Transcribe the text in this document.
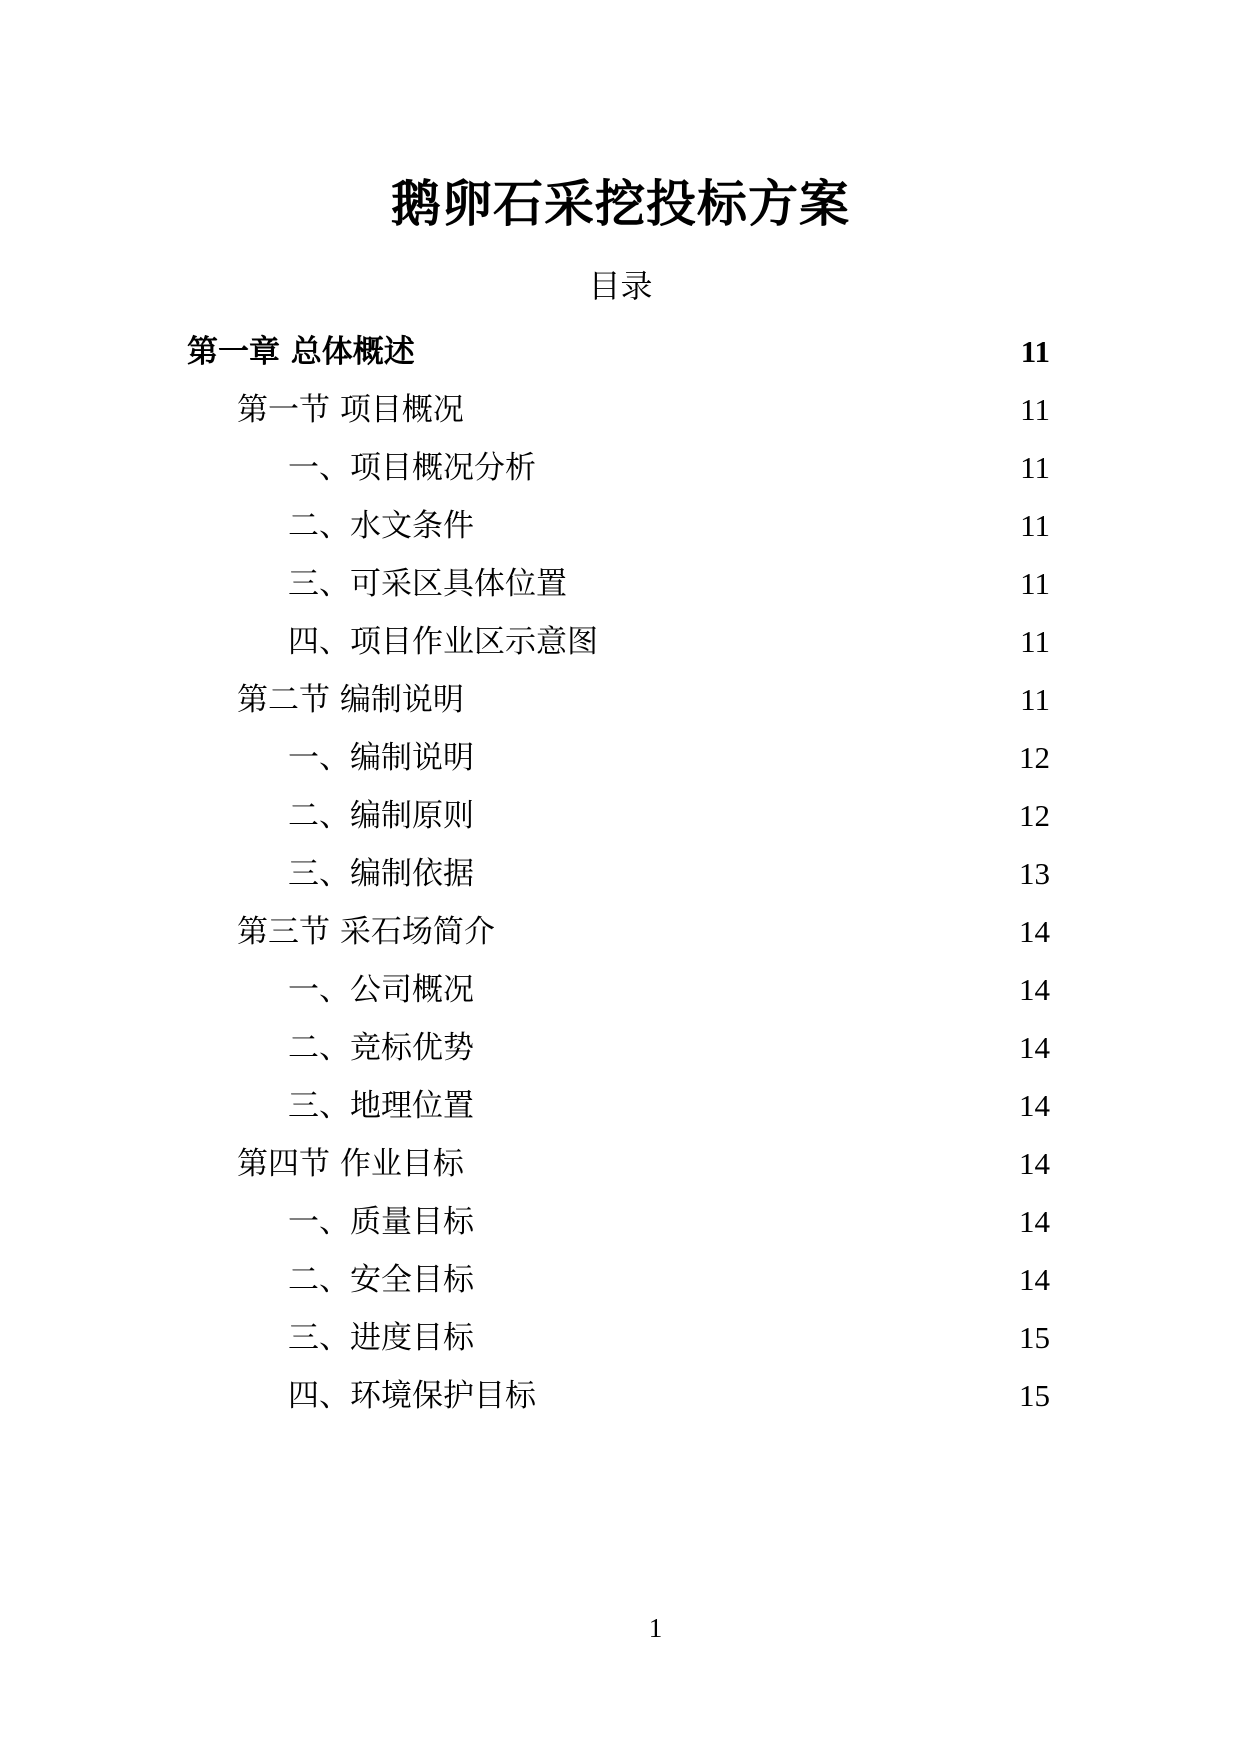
鹅卵石采挖投标方案
目录
第一章 总体概述	11
第一节 项目概况	11
一、项目概况分析	11
二、水文条件	11
三、可采区具体位置	11
四、项目作业区示意图	11
第二节 编制说明	11
一、编制说明	12
二、编制原则	12
三、编制依据	13
第三节 采石场简介	14
一、公司概况	14
二、竞标优势	14
三、地理位置	14
第四节 作业目标	14
一、质量目标	14
二、安全目标	14
三、进度目标	15
四、环境保护目标	15
1
